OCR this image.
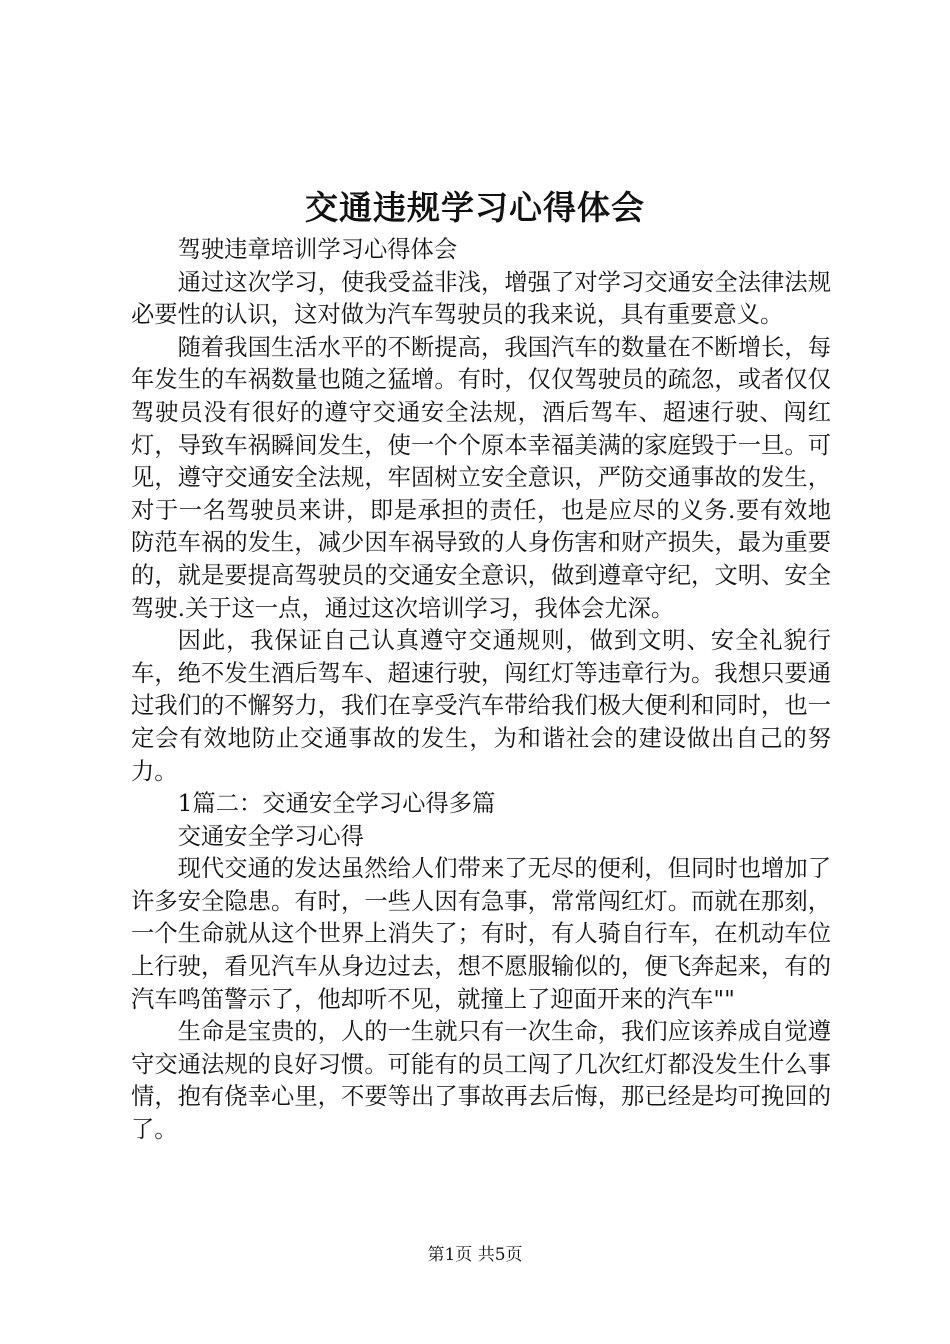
交通违规学习心得体会

驾驶违章培训学习心得体会

通过这次学习，使我受益非浅，增强了对学习交通安全法律法规必要性的认识，这对做为汽车驾驶员的我来说，具有重要意义。

随着我国生活水平的不断提高，我国汽车的数量在不断增长，每年发生的车祸数量也随之猛增。有时，仅仅驾驶员的疏忽，或者仅仅驾驶员没有很好的遵守交通安全法规，酒后驾车、超速行驶、闯红灯，导致车祸瞬间发生，使一个个原本幸福美满的家庭毁于一旦。可见，遵守交通安全法规，牢固树立安全意识，严防交通事故的发生，对于一名驾驶员来讲，即是承担的责任，也是应尽的义务.要有效地防范车祸的发生，减少因车祸导致的人身伤害和财产损失，最为重要的，就是要提高驾驶员的交通安全意识，做到遵章守纪，文明、安全驾驶.关于这一点，通过这次培训学习，我体会尤深。

因此，我保证自己认真遵守交通规则，做到文明、安全礼貌行车，绝不发生酒后驾车、超速行驶，闯红灯等违章行为。我想只要通过我们的不懈努力，我们在享受汽车带给我们极大便利和同时，也一定会有效地防止交通事故的发生，为和谐社会的建设做出自己的努力。

1篇二：交通安全学习心得多篇

交通安全学习心得

现代交通的发达虽然给人们带来了无尽的便利，但同时也增加了许多安全隐患。有时，一些人因有急事，常常闯红灯。而就在那刻，一个生命就从这个世界上消失了；有时，有人骑自行车，在机动车位上行驶，看见汽车从身边过去，想不愿服输似的，便飞奔起来，有的汽车鸣笛警示了，他却听不见，就撞上了迎面开来的汽车""

生命是宝贵的，人的一生就只有一次生命，我们应该养成自觉遵守交通法规的良好习惯。可能有的员工闯了几次红灯都没发生什么事情，抱有侥幸心里，不要等出了事故再去后悔，那已经是均可挽回的了。

第1页 共5页
